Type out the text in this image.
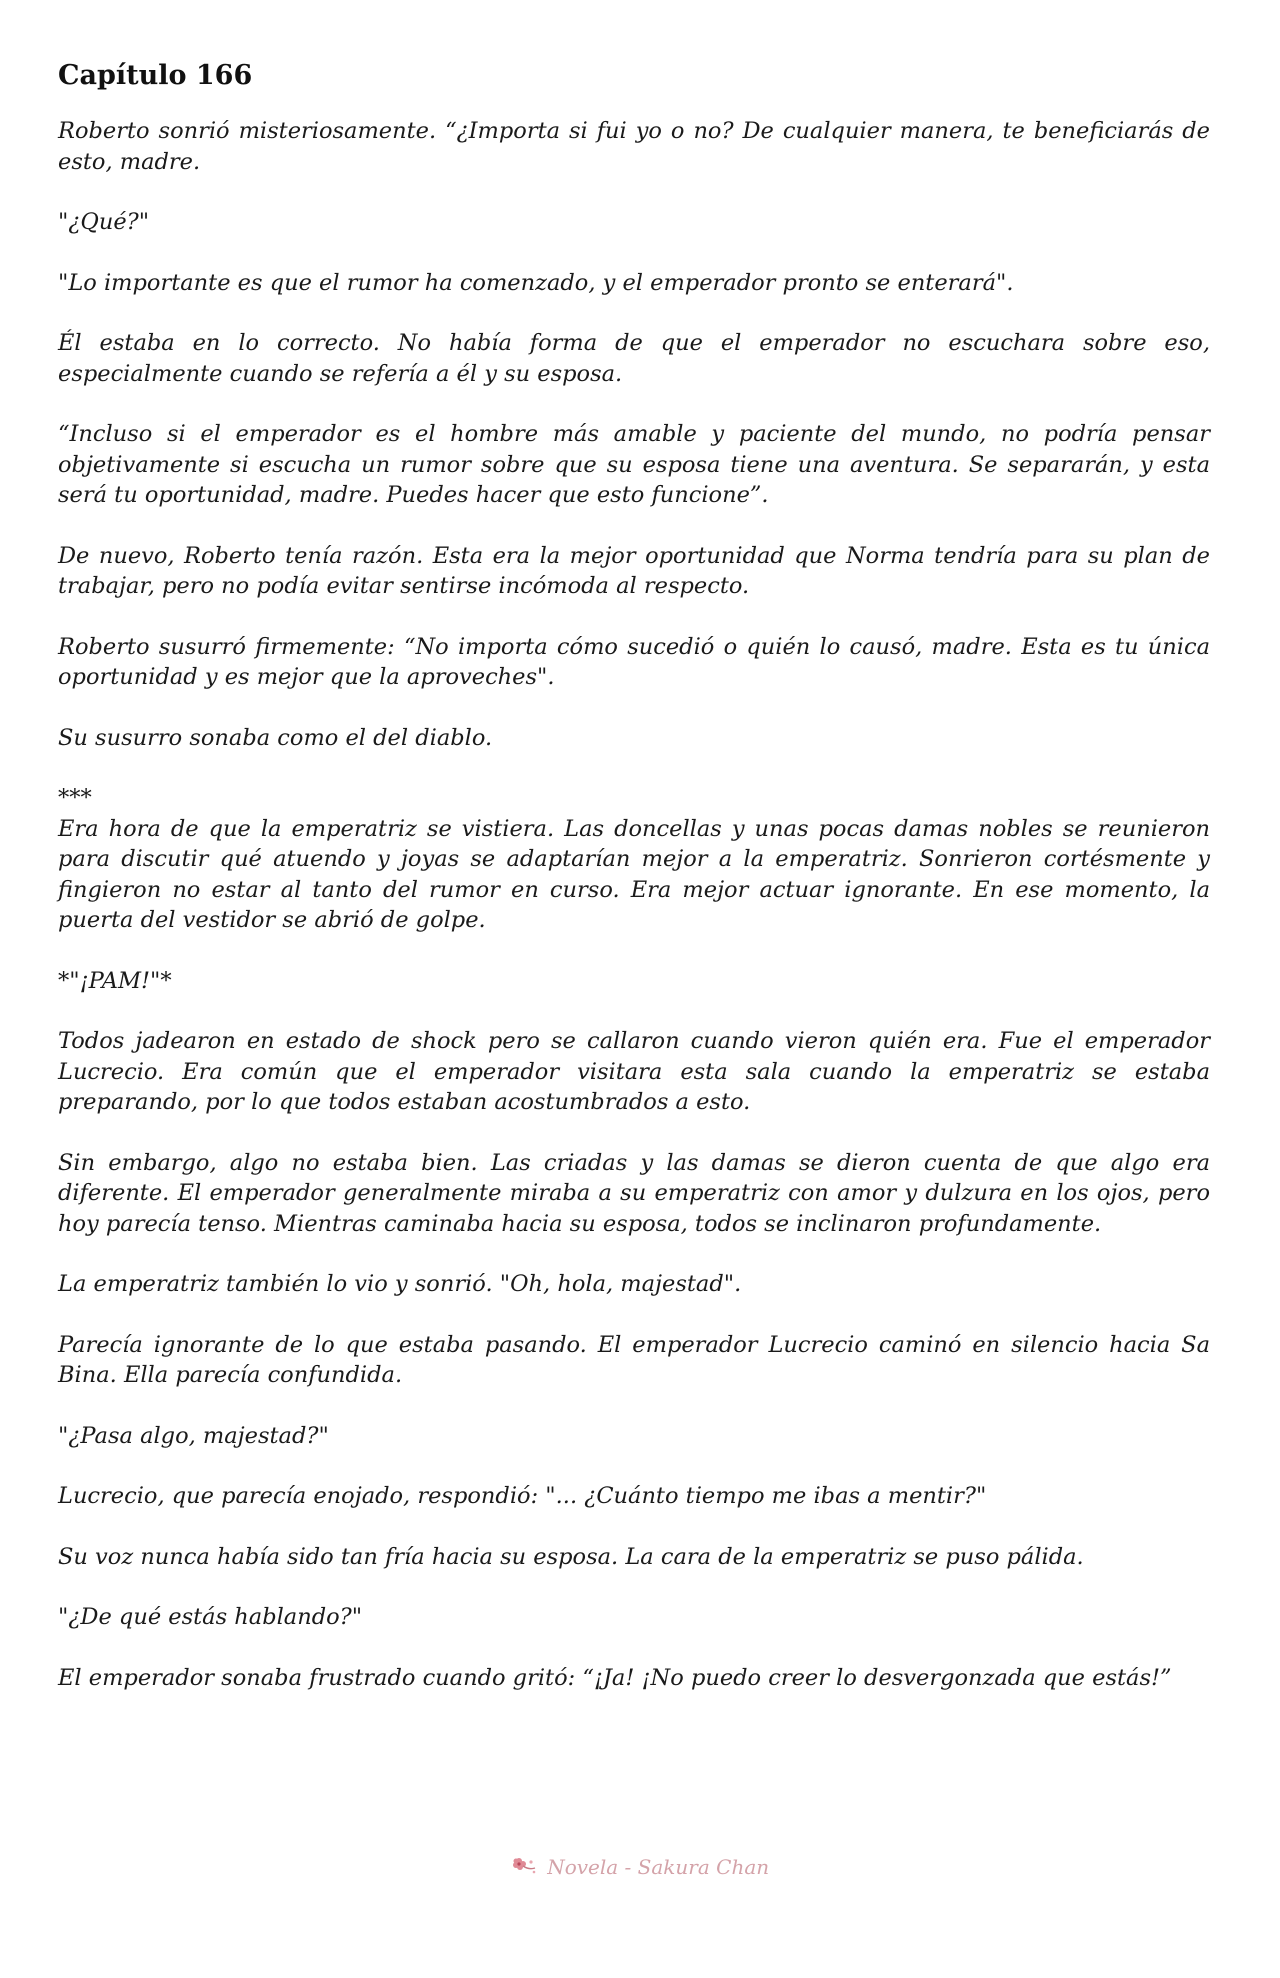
Capítulo 166

Roberto sonrió misteriosamente. “¿Importa si fui yo o no? De cualquier manera, te beneficiarás de esto, madre.

"¿Qué?"

"Lo importante es que el rumor ha comenzado, y el emperador pronto se enterará".

Él estaba en lo correcto. No había forma de que el emperador no escuchara sobre eso, especialmente cuando se refería a él y su esposa.

“Incluso si el emperador es el hombre más amable y paciente del mundo, no podría pensar objetivamente si escucha un rumor sobre que su esposa tiene una aventura. Se separarán, y esta será tu oportunidad, madre. Puedes hacer que esto funcione”.

De nuevo, Roberto tenía razón. Esta era la mejor oportunidad que Norma tendría para su plan de trabajar, pero no podía evitar sentirse incómoda al respecto.

Roberto susurró firmemente: “No importa cómo sucedió o quién lo causó, madre. Esta es tu única oportunidad y es mejor que la aproveches".

Su susurro sonaba como el del diablo.

***

Era hora de que la emperatriz se vistiera. Las doncellas y unas pocas damas nobles se reunieron para discutir qué atuendo y joyas se adaptarían mejor a la emperatriz. Sonrieron cortésmente y fingieron no estar al tanto del rumor en curso. Era mejor actuar ignorante. En ese momento, la puerta del vestidor se abrió de golpe.

*"¡PAM!"*

Todos jadearon en estado de shock pero se callaron cuando vieron quién era. Fue el emperador Lucrecio. Era común que el emperador visitara esta sala cuando la emperatriz se estaba preparando, por lo que todos estaban acostumbrados a esto.

Sin embargo, algo no estaba bien. Las criadas y las damas se dieron cuenta de que algo era diferente. El emperador generalmente miraba a su emperatriz con amor y dulzura en los ojos, pero hoy parecía tenso. Mientras caminaba hacia su esposa, todos se inclinaron profundamente.

La emperatriz también lo vio y sonrió. "Oh, hola, majestad".

Parecía ignorante de lo que estaba pasando. El emperador Lucrecio caminó en silencio hacia Sa Bina. Ella parecía confundida.

"¿Pasa algo, majestad?"

Lucrecio, que parecía enojado, respondió: "... ¿Cuánto tiempo me ibas a mentir?"

Su voz nunca había sido tan fría hacia su esposa. La cara de la emperatriz se puso pálida.

"¿De qué estás hablando?"

El emperador sonaba frustrado cuando gritó: “¡Ja! ¡No puedo creer lo desvergonzada que estás!”

Novela - Sakura Chan
